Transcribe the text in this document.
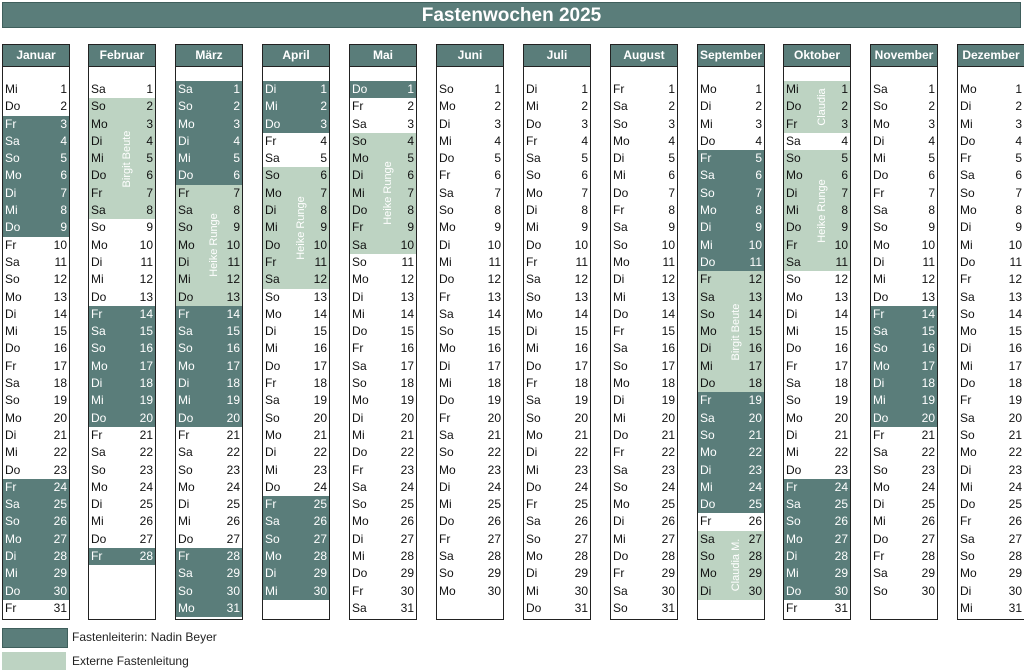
Fastenwochen 2025
Januar
Mi	1
Do	2
Fr	3
Sa	4
So	5
Mo	6
Di	7
Mi	8
Do	9
Fr	10
Sa	11
So	12
Mo	13
Di	14
Mi	15
Do	16
Fr	17
Sa	18
So	19
Mo	20
Di	21
Mi	22
Do	23
Fr	24
Sa	25
So	26
Mo	27
Di	28
Mi	29
Do	30
Fr	31
Februar
Sa	1
So	2
Mo	3
Di	4
Mi	5
Do	6
Fr	7
Sa	8
So	9
Mo	10
Di	11
Mi	12
Do	13
Fr	14
Sa	15
So	16
Mo	17
Di	18
Mi	19
Do	20
Fr	21
Sa	22
So	23
Mo	24
Di	25
Mi	26
Do	27
Fr	28
Birgit Beute
März
Sa	1
So	2
Mo	3
Di	4
Mi	5
Do	6
Fr	7
Sa	8
So	9
Mo	10
Di	11
Mi	12
Do	13
Fr	14
Sa	15
So	16
Mo	17
Di	18
Mi	19
Do	20
Fr	21
Sa	22
So	23
Mo	24
Di	25
Mi	26
Do	27
Fr	28
Sa	29
So	30
Mo	31
Heike Runge
April
Di	1
Mi	2
Do	3
Fr	4
Sa	5
So	6
Mo	7
Di	8
Mi	9
Do	10
Fr	11
Sa	12
So	13
Mo	14
Di	15
Mi	16
Do	17
Fr	18
Sa	19
So	20
Mo	21
Di	22
Mi	23
Do	24
Fr	25
Sa	26
So	27
Mo	28
Di	29
Mi	30
Heike Runge
Mai
Do	1
Fr	2
Sa	3
So	4
Mo	5
Di	6
Mi	7
Do	8
Fr	9
Sa	10
So	11
Mo	12
Di	13
Mi	14
Do	15
Fr	16
Sa	17
So	18
Mo	19
Di	20
Mi	21
Do	22
Fr	23
Sa	24
So	25
Mo	26
Di	27
Mi	28
Do	29
Fr	30
Sa	31
Heike Runge
Juni
So	1
Mo	2
Di	3
Mi	4
Do	5
Fr	6
Sa	7
So	8
Mo	9
Di	10
Mi	11
Do	12
Fr	13
Sa	14
So	15
Mo	16
Di	17
Mi	18
Do	19
Fr	20
Sa	21
So	22
Mo	23
Di	24
Mi	25
Do	26
Fr	27
Sa	28
So	29
Mo	30
Juli
Di	1
Mi	2
Do	3
Fr	4
Sa	5
So	6
Mo	7
Di	8
Mi	9
Do	10
Fr	11
Sa	12
So	13
Mo	14
Di	15
Mi	16
Do	17
Fr	18
Sa	19
So	20
Mo	21
Di	22
Mi	23
Do	24
Fr	25
Sa	26
So	27
Mo	28
Di	29
Mi	30
Do	31
August
Fr	1
Sa	2
So	3
Mo	4
Di	5
Mi	6
Do	7
Fr	8
Sa	9
So	10
Mo	11
Di	12
Mi	13
Do	14
Fr	15
Sa	16
So	17
Mo	18
Di	19
Mi	20
Do	21
Fr	22
Sa	23
So	24
Mo	25
Di	26
Mi	27
Do	28
Fr	29
Sa	30
So	31
September
Mo	1
Di	2
Mi	3
Do	4
Fr	5
Sa	6
So	7
Mo	8
Di	9
Mi	10
Do	11
Fr	12
Sa	13
So	14
Mo	15
Di	16
Mi	17
Do	18
Fr	19
Sa	20
So	21
Mo	22
Di	23
Mi	24
Do	25
Fr	26
Sa	27
So	28
Mo	29
Di	30
Birgit Beute
Claudia M.
Oktober
Mi	1
Do	2
Fr	3
Sa	4
So	5
Mo	6
Di	7
Mi	8
Do	9
Fr	10
Sa	11
So	12
Mo	13
Di	14
Mi	15
Do	16
Fr	17
Sa	18
So	19
Mo	20
Di	21
Mi	22
Do	23
Fr	24
Sa	25
So	26
Mo	27
Di	28
Mi	29
Do	30
Fr	31
Claudia
Heike Runge
November
Sa	1
So	2
Mo	3
Di	4
Mi	5
Do	6
Fr	7
Sa	8
So	9
Mo	10
Di	11
Mi	12
Do	13
Fr	14
Sa	15
So	16
Mo	17
Di	18
Mi	19
Do	20
Fr	21
Sa	22
So	23
Mo	24
Di	25
Mi	26
Do	27
Fr	28
Sa	29
So	30
Dezember
Mo	1
Di	2
Mi	3
Do	4
Fr	5
Sa	6
So	7
Mo	8
Di	9
Mi	10
Do	11
Fr	12
Sa	13
So	14
Mo	15
Di	16
Mi	17
Do	18
Fr	19
Sa	20
So	21
Mo	22
Di	23
Mi	24
Do	25
Fr	26
Sa	27
So	28
Mo	29
Di	30
Mi	31
Fastenleiterin: Nadin Beyer
Externe Fastenleitung
